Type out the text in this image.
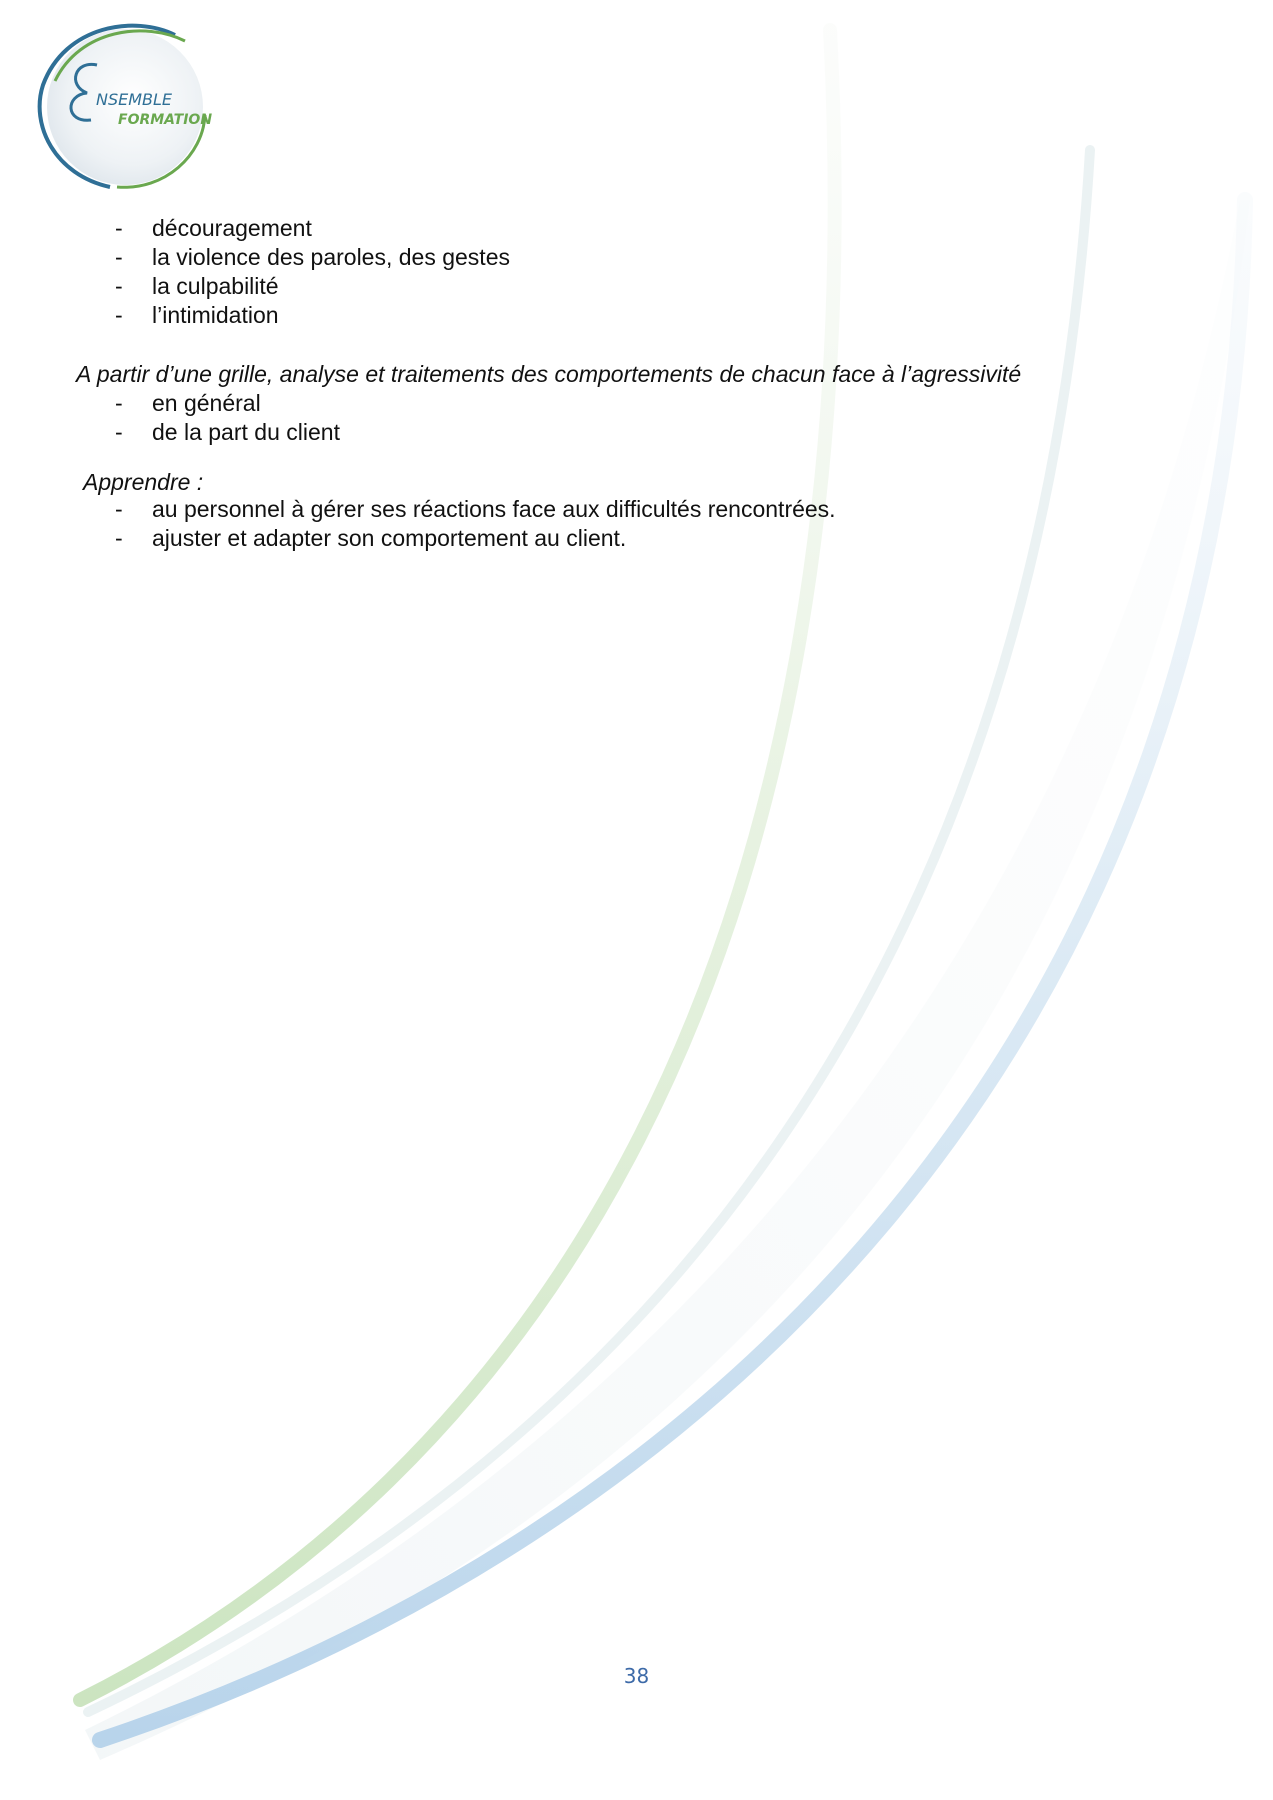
NSEMBLE
FORMATION
- découragement
- la violence des paroles, des gestes
- la culpabilité
- l’intimidation
A partir d’une grille, analyse et traitements des comportements de chacun face à l’agressivité
- en général
- de la part du client
Apprendre :
- au personnel à gérer ses réactions face aux difficultés rencontrées.
- ajuster et adapter son comportement au client.
38
